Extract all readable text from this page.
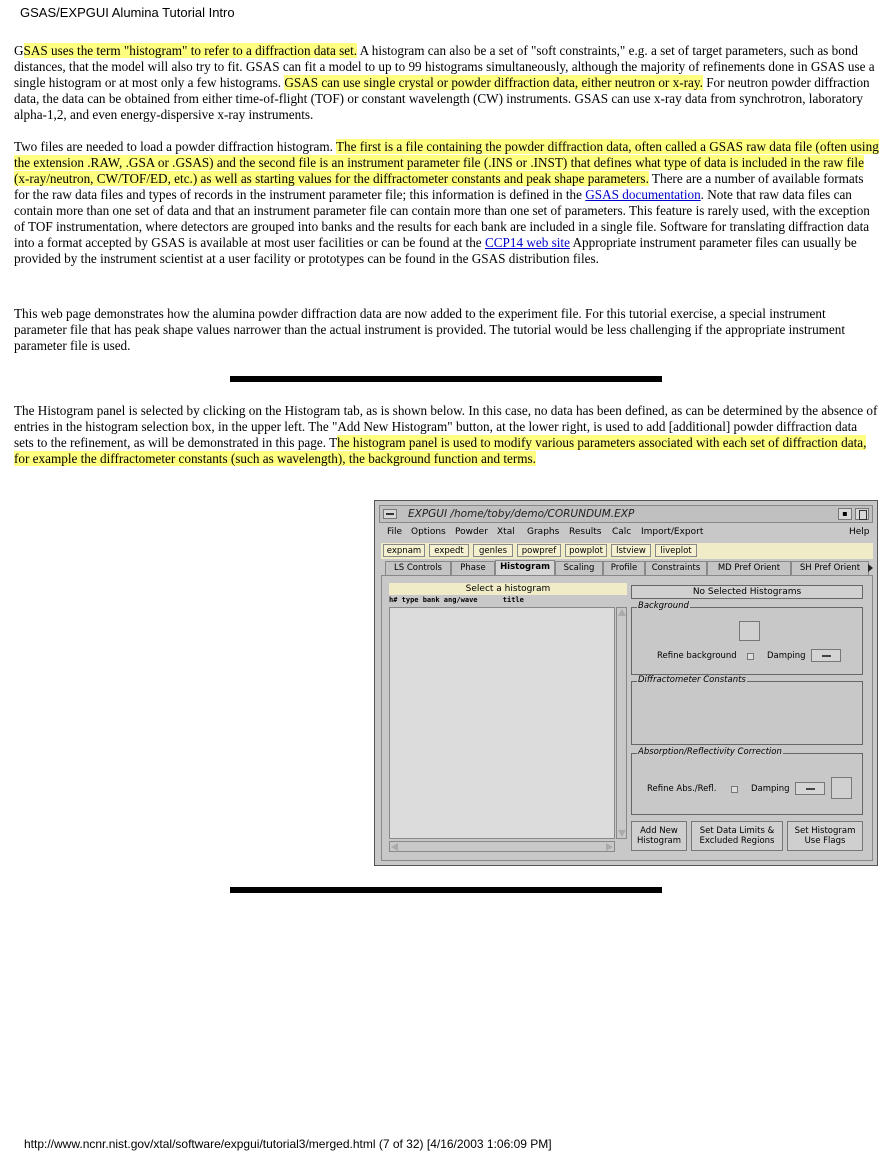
GSAS/EXPGUI Alumina Tutorial Intro
GSAS uses the term "histogram" to refer to a diffraction data set. A histogram can also be a set of "soft constraints," e.g. a set of target parameters, such as bond distances, that the model will also try to fit. GSAS can fit a model to up to 99 histograms simultaneously, although the majority of refinements done in GSAS use a single histogram or at most only a few histograms. GSAS can use single crystal or powder diffraction data, either neutron or x-ray. For neutron powder diffraction data, the data can be obtained from either time-of-flight (TOF) or constant wavelength (CW) instruments. GSAS can use x-ray data from synchrotron, laboratory alpha-1,2, and even energy-dispersive x-ray instruments.
Two files are needed to load a powder diffraction histogram. The first is a file containing the powder diffraction data, often called a GSAS raw data file (often using the extension .RAW, .GSA or .GSAS) and the second file is an instrument parameter file (.INS or .INST) that defines what type of data is included in the raw file (x-ray/neutron, CW/TOF/ED, etc.) as well as starting values for the diffractometer constants and peak shape parameters. There are a number of available formats for the raw data files and types of records in the instrument parameter file; this information is defined in the GSAS documentation. Note that raw data files can contain more than one set of data and that an instrument parameter file can contain more than one set of parameters. This feature is rarely used, with the exception of TOF instrumentation, where detectors are grouped into banks and the results for each bank are included in a single file. Software for translating diffraction data into a format accepted by GSAS is available at most user facilities or can be found at the CCP14 web site Appropriate instrument parameter files can usually be provided by the instrument scientist at a user facility or prototypes can be found in the GSAS distribution files.
This web page demonstrates how the alumina powder diffraction data are now added to the experiment file. For this tutorial exercise, a special instrument parameter file that has peak shape values narrower than the actual instrument is provided. The tutorial would be less challenging if the appropriate instrument parameter file is used.
The Histogram panel is selected by clicking on the Histogram tab, as is shown below. In this case, no data has been defined, as can be determined by the absence of entries in the histogram selection box, in the upper left. The "Add New Histogram" button, at the lower right, is used to add [additional] powder diffraction data sets to the refinement, as will be demonstrated in this page. The histogram panel is used to modify various parameters associated with each set of diffraction data, for example the diffractometer constants (such as wavelength), the background function and terms.
EXPGUI /home/toby/demo/CORUNDUM.EXP	▪
File Options Powder Xtal Graphs Results Calc Import/Export	Help
expnam	expedt	genles	powpref	powplot	lstview	liveplot
LS Controls	Phase	Histogram	Scaling	Profile	Constraints	MD Pref Orient	SH Pref Orient
Select a histogram
h# type bank ang/wave      title
No Selected Histograms
Background
Refine background	Damping
Diffractometer Constants
Absorption/Reflectivity Correction
Refine Abs./Refl.	Damping
Add New
Histogram
Set Data Limits &
Excluded Regions
Set Histogram
Use Flags
http://www.ncnr.nist.gov/xtal/software/expgui/tutorial3/merged.html (7 of 32) [4/16/2003 1:06:09 PM]
